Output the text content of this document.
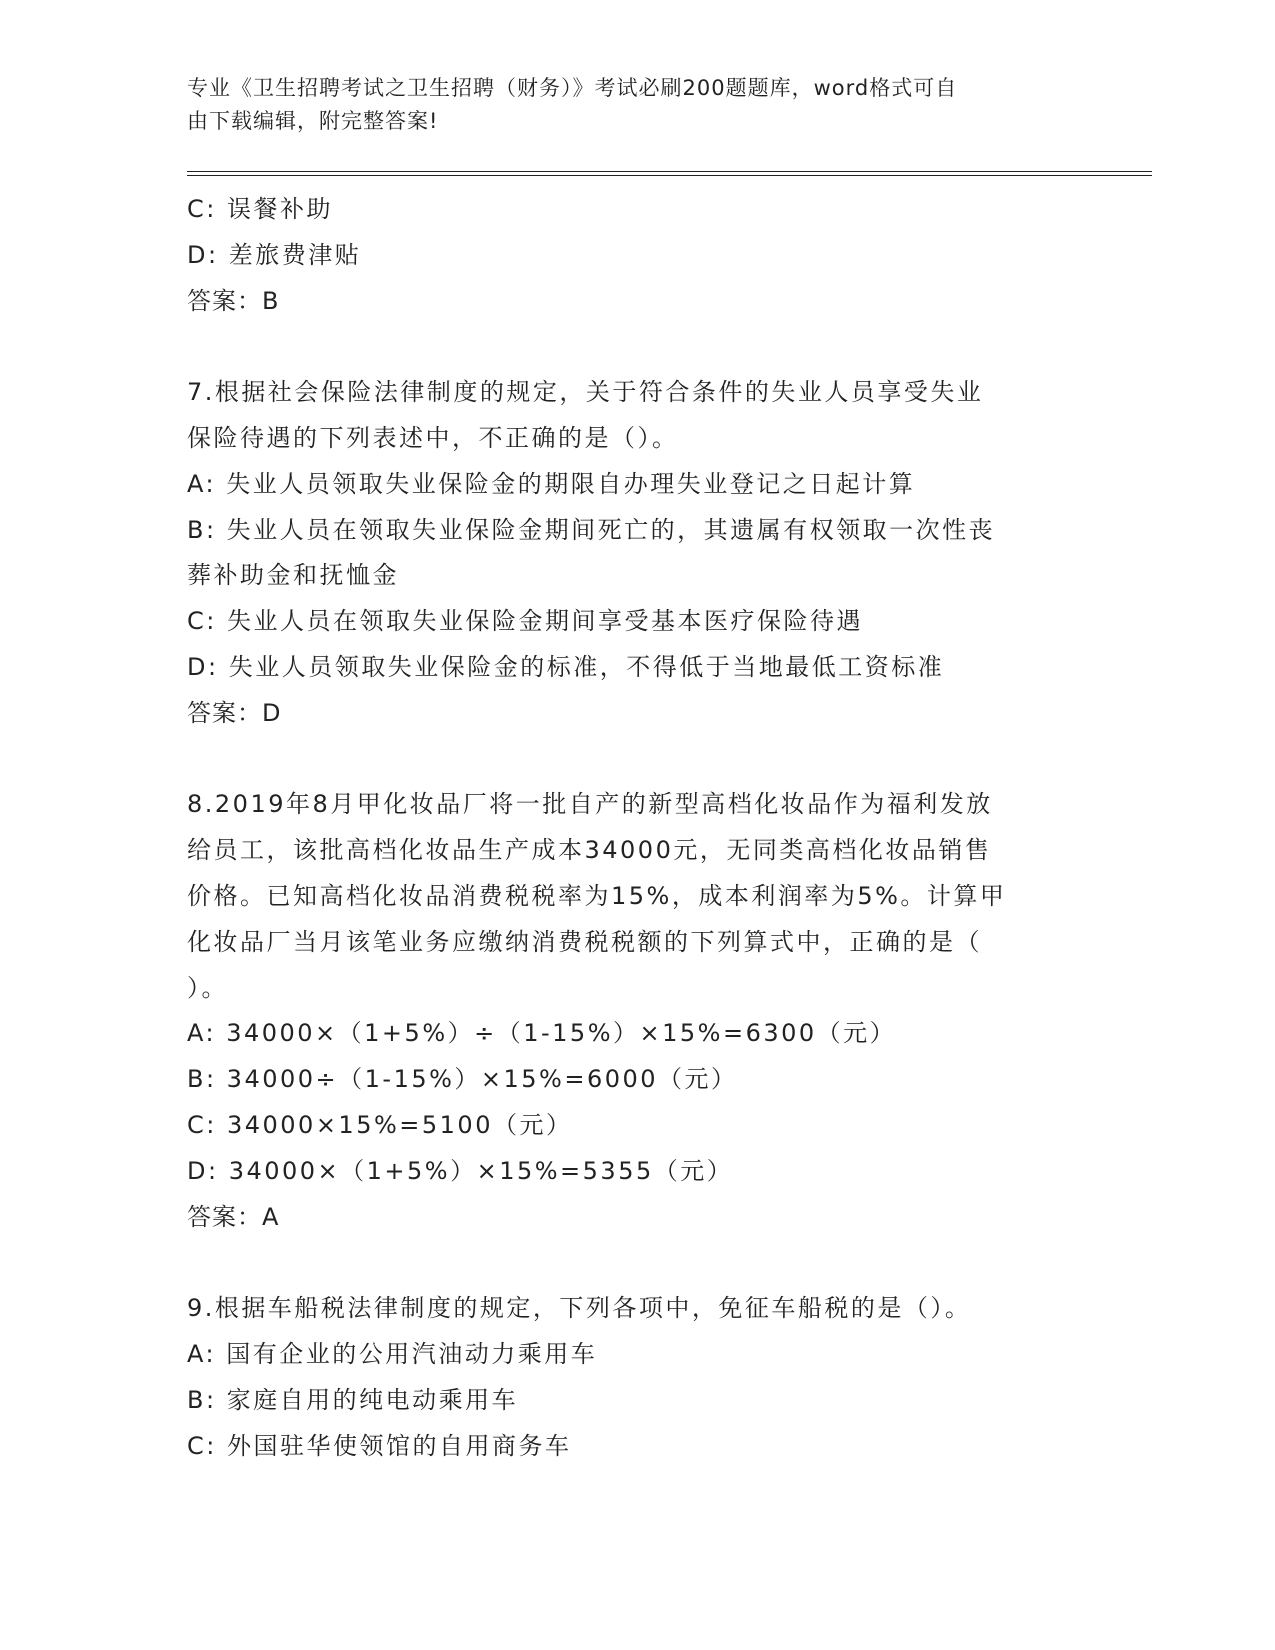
专业《卫生招聘考试之卫生招聘（财务）》考试必刷200题题库，word格式可自
由下载编辑，附完整答案!
C: 误餐补助
D: 差旅费津贴
答案：B
7.根据社会保险法律制度的规定，关于符合条件的失业人员享受失业
保险待遇的下列表述中，不正确的是（）。
A: 失业人员领取失业保险金的期限自办理失业登记之日起计算
B: 失业人员在领取失业保险金期间死亡的，其遗属有权领取一次性丧
葬补助金和抚恤金
C: 失业人员在领取失业保险金期间享受基本医疗保险待遇
D: 失业人员领取失业保险金的标准，不得低于当地最低工资标准
答案：D
8.2019年8月甲化妆品厂将一批自产的新型高档化妆品作为福利发放
给员工，该批高档化妆品生产成本34000元，无同类高档化妆品销售
价格。已知高档化妆品消费税税率为15%，成本利润率为5%。计算甲
化妆品厂当月该笔业务应缴纳消费税税额的下列算式中，正确的是（
）。
A: 34000×（1+5%）÷（1-15%）×15%=6300（元）
B: 34000÷（1-15%）×15%=6000（元）
C: 34000×15%=5100（元）
D: 34000×（1+5%）×15%=5355（元）
答案：A
9.根据车船税法律制度的规定，下列各项中，免征车船税的是（）。
A: 国有企业的公用汽油动力乘用车
B: 家庭自用的纯电动乘用车
C: 外国驻华使领馆的自用商务车
